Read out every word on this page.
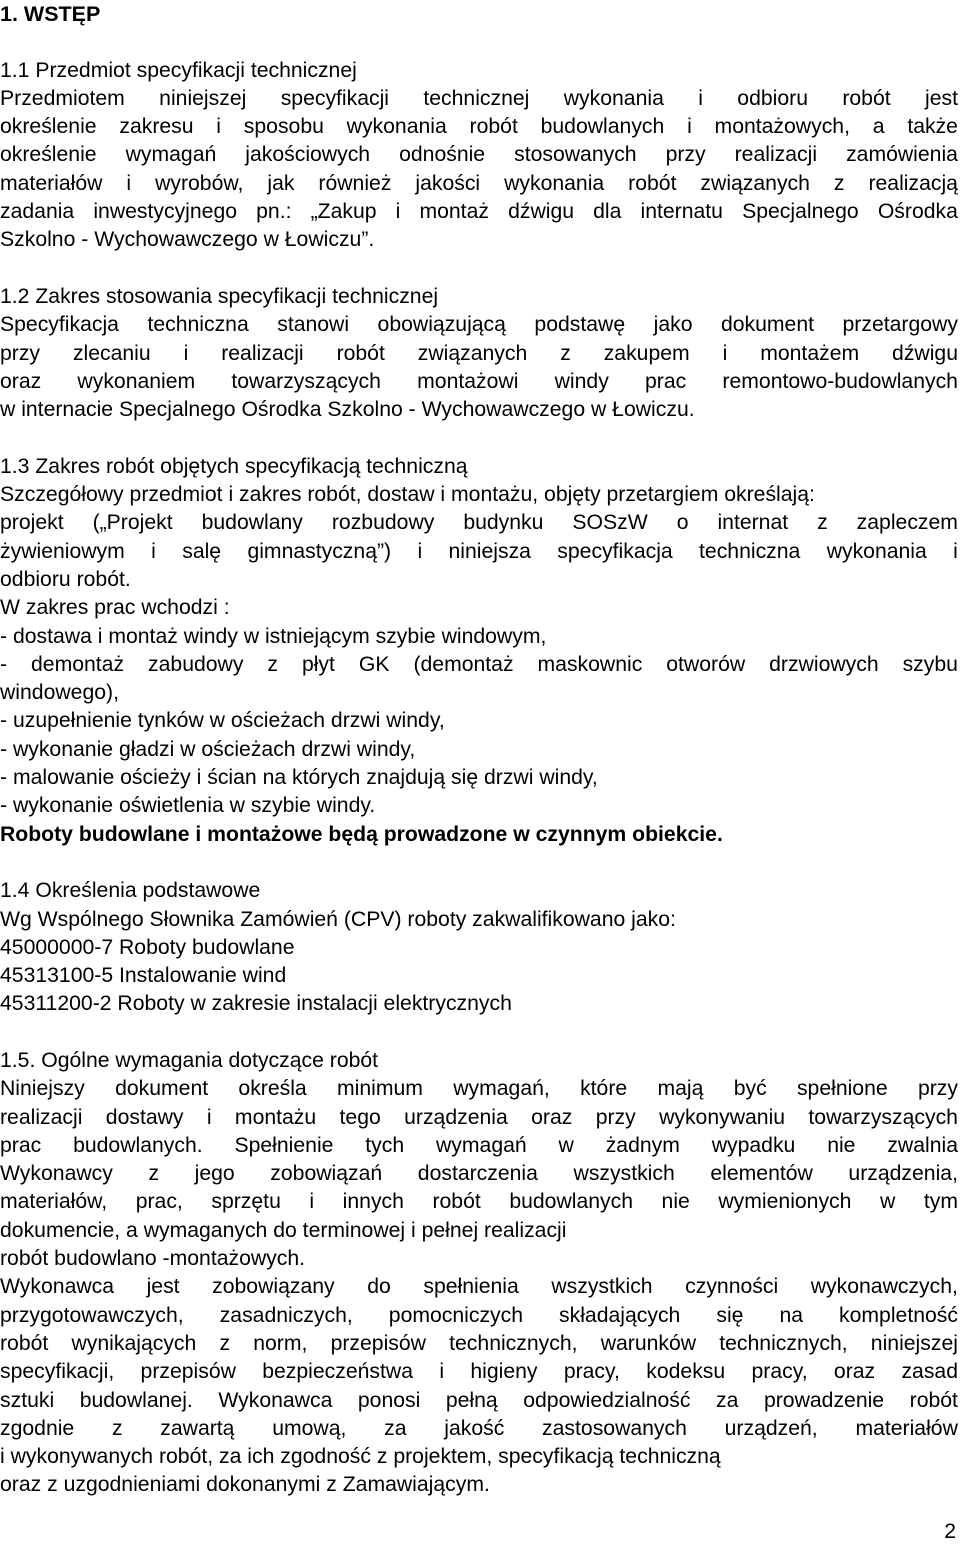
1. WSTĘP
1.1 Przedmiot specyfikacji technicznej
Przedmiotem niniejszej specyfikacji technicznej wykonania i odbioru robót jest
określenie zakresu i sposobu wykonania robót budowlanych i montażowych, a także
określenie wymagań jakościowych odnośnie stosowanych przy realizacji zamówienia
materiałów i wyrobów, jak również jakości wykonania robót związanych z realizacją
zadania inwestycyjnego pn.: „Zakup i montaż dźwigu dla internatu Specjalnego Ośrodka
Szkolno - Wychowawczego w Łowiczu”.
1.2 Zakres stosowania specyfikacji technicznej
Specyfikacja techniczna stanowi obowiązującą podstawę jako dokument przetargowy
przy zlecaniu i realizacji robót związanych z zakupem i montażem dźwigu
oraz wykonaniem towarzyszących montażowi windy prac remontowo-budowlanych
w internacie Specjalnego Ośrodka Szkolno - Wychowawczego w Łowiczu.
1.3 Zakres robót objętych specyfikacją techniczną
Szczegółowy przedmiot i zakres robót, dostaw i montażu, objęty przetargiem określają:
projekt („Projekt budowlany rozbudowy budynku SOSzW o internat z zapleczem
żywieniowym i salę gimnastyczną”) i niniejsza specyfikacja techniczna wykonania i
odbioru robót.
W zakres prac wchodzi :
- dostawa i montaż windy w istniejącym szybie windowym,
- demontaż zabudowy z płyt GK (demontaż maskownic otworów drzwiowych szybu
windowego),
- uzupełnienie tynków w ościeżach drzwi windy,
- wykonanie gładzi w ościeżach drzwi windy,
- malowanie ościeży i ścian na których znajdują się drzwi windy,
- wykonanie oświetlenia w szybie windy.
Roboty budowlane i montażowe będą prowadzone w czynnym obiekcie.
1.4 Określenia podstawowe
Wg Wspólnego Słownika Zamówień (CPV) roboty zakwalifikowano jako:
45000000-7 Roboty budowlane
45313100-5 Instalowanie wind
45311200-2 Roboty w zakresie instalacji elektrycznych
1.5. Ogólne wymagania dotyczące robót
Niniejszy dokument określa minimum wymagań, które mają być spełnione przy
realizacji dostawy i montażu tego urządzenia oraz przy wykonywaniu towarzyszących
prac budowlanych. Spełnienie tych wymagań w żadnym wypadku nie zwalnia
Wykonawcy z jego zobowiązań dostarczenia wszystkich elementów urządzenia,
materiałów, prac, sprzętu i innych robót budowlanych nie wymienionych w tym
dokumencie, a wymaganych do terminowej i pełnej realizacji
robót budowlano -montażowych.
Wykonawca jest zobowiązany do spełnienia wszystkich czynności wykonawczych,
przygotowawczych, zasadniczych, pomocniczych składających się na kompletność
robót wynikających z norm, przepisów technicznych, warunków technicznych, niniejszej
specyfikacji, przepisów bezpieczeństwa i higieny pracy, kodeksu pracy, oraz zasad
sztuki budowlanej. Wykonawca ponosi pełną odpowiedzialność za prowadzenie robót
zgodnie z zawartą umową, za jakość zastosowanych urządzeń, materiałów
i wykonywanych robót, za ich zgodność z projektem, specyfikacją techniczną
oraz z uzgodnieniami dokonanymi z Zamawiającym.
2
